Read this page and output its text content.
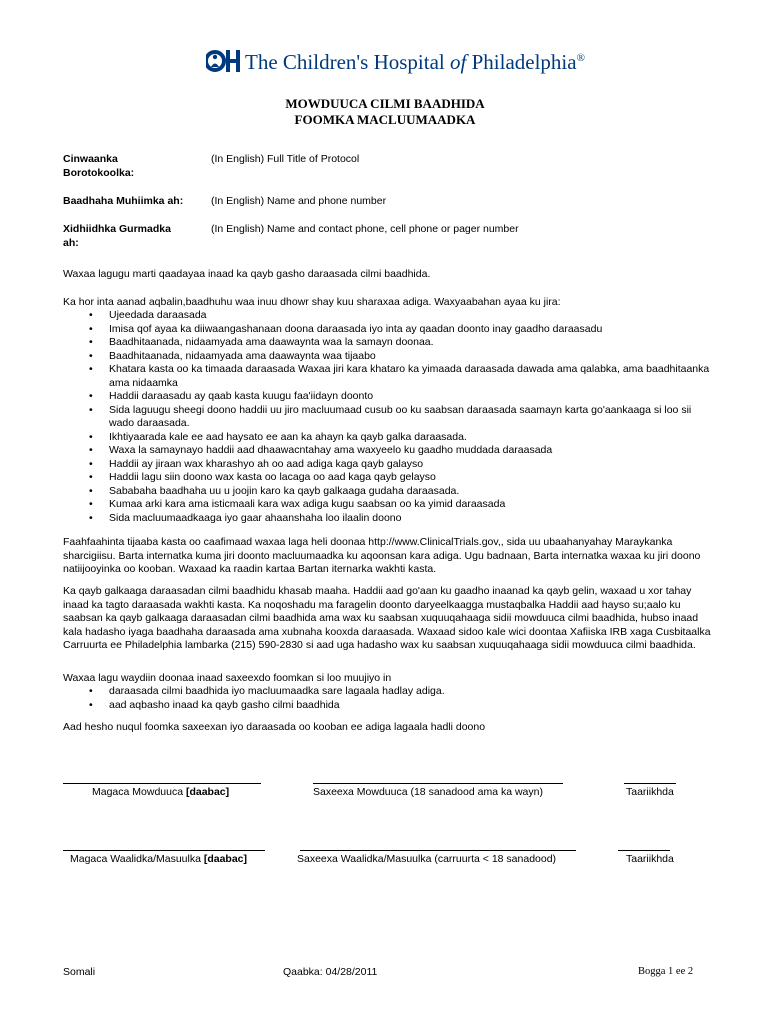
The Children's Hospital of Philadelphia®
MOWDUUCA CILMI BAADHIDA
FOOMKA MACLUUMAADKA
Cinwaanka Borotokoolka:
(In English) Full Title of Protocol
Baadhaha Muhiimka ah:	(In English) Name and phone number
Xidhiidhka Gurmadka ah:
(In English) Name and contact phone, cell phone or pager number
Waxaa lagugu marti qaadayaa inaad ka qayb gasho daraasada cilmi baadhida.
Ka hor inta aanad aqbalin,baadhuhu waa inuu dhowr shay kuu sharaxaa adiga. Waxyaabahan ayaa ku jira:
• Ujeedada daraasada
• Imisa qof ayaa ka diiwaangashanaan doona daraasada iyo inta ay qaadan doonto inay gaadho daraasadu
• Baadhitaanada, nidaamyada ama daawaynta waa la samayn doonaa.
• Baadhitaanada, nidaamyada ama daawaynta waa tijaabo
• Khatara kasta oo ka timaada daraasada Waxaa jiri kara khataro ka yimaada daraasada dawada ama qalabka, ama baadhitaanka ama nidaamka
• Haddii daraasadu ay qaab kasta kuugu faa'iidayn doonto
• Sida laguugu sheegi doono haddii uu jiro macluumaad cusub oo ku saabsan daraasada saamayn karta go'aankaaga si loo sii wado daraasada.
• Ikhtiyaarada kale ee aad haysato ee aan ka ahayn ka qayb galka daraasada.
• Waxa la samaynayo haddii aad dhaawacntahay ama waxyeelo ku gaadho muddada daraasada
• Haddii ay jiraan wax kharashyo ah oo aad adiga kaga qayb galayso
• Haddii lagu siin doono wax kasta oo lacaga oo aad kaga qayb gelayso
• Sababaha baadhaha uu u joojin karo ka qayb galkaaga gudaha daraasada.
• Kumaa arki kara ama isticmaali kara wax adiga kugu saabsan oo ka yimid daraasada
• Sida macluumaadkaaga iyo gaar ahaanshaha loo ilaalin doono
Faahfaahinta tijaaba kasta oo caafimaad waxaa laga heli doonaa http://www.ClinicalTrials.gov,, sida uu ubaahanyahay Maraykanka sharcigiisu. Barta internatka kuma jiri doonto macluumaadka ku aqoonsan kara adiga. Ugu badnaan, Barta internatka waxaa ku jiri doono natiijooyinka oo kooban. Waxaad ka raadin kartaa Bartan iternarka wakhti kasta.
Ka qayb galkaaga daraasadan cilmi baadhidu khasab maaha. Haddii aad go'aan ku gaadho inaanad ka qayb gelin, waxaad u xor tahay inaad ka tagto daraasada wakhti kasta. Ka noqoshadu ma faragelin doonto daryeelkaagga mustaqbalka Haddii aad hayso su;aalo ku saabsan ka qayb galkaaga daraasadan cilmi baadhida ama wax ku saabsan xuquuqahaaga sidii mowduuca cilmi baadhida, hubso inaad kala hadasho iyaga baadhaha daraasada ama xubnaha kooxda daraasada. Waxaad sidoo kale wici doontaa Xafiiska IRB xaga Cusbitaalka Carruurta ee Philadelphia lambarka (215) 590-2830 si aad uga hadasho wax ku saabsan xuquuqahaaga sidii mowduuca cilmi baadhida.
Waxaa lagu waydiin doonaa inaad saxeexdo foomkan si loo muujiyo in
• daraasada cilmi baadhida iyo macluumaadka sare lagaala hadlay adiga.
• aad aqbasho inaad ka qayb gasho cilmi baadhida
Aad hesho nuqul foomka saxeexan iyo daraasada oo kooban ee adiga lagaala hadli doono
Magaca Mowduuca [daabac]	Saxeexa Mowduuca (18 sanadood ama ka wayn)	Taariikhda
Magaca Waalidka/Masuulka [daabac]	Saxeexa Waalidka/Masuulka (carruurta < 18 sanadood)	Taariikhda
Somali	Qaabka: 04/28/2011	Bogga 1 ee 2
